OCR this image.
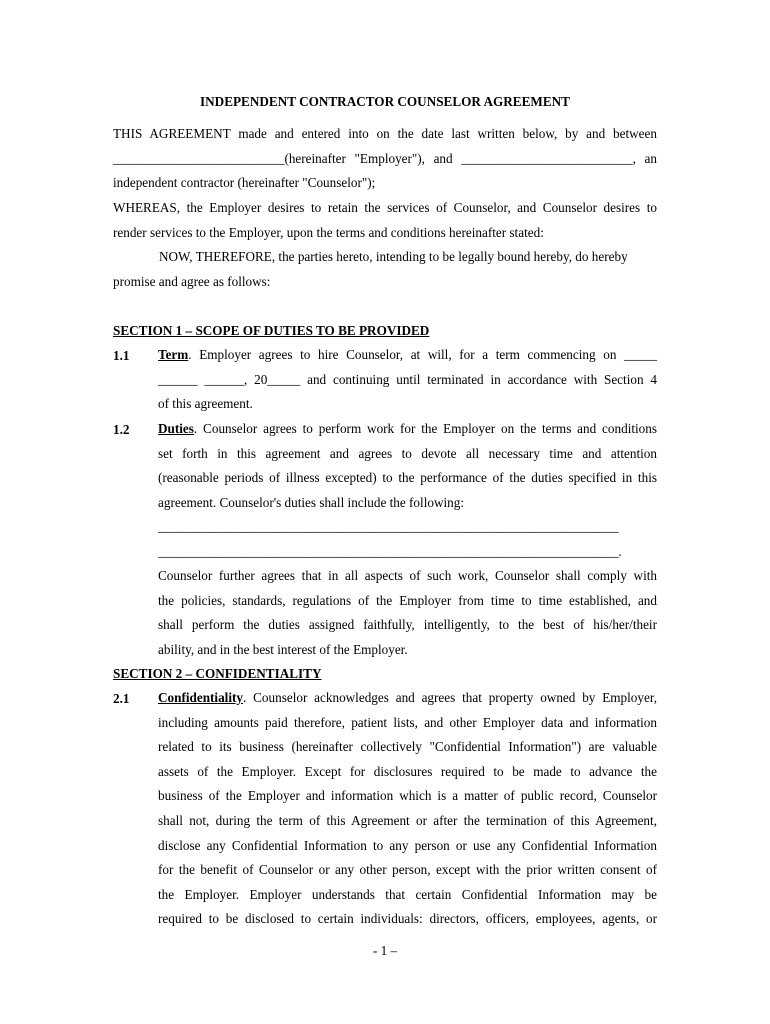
INDEPENDENT CONTRACTOR COUNSELOR AGREEMENT

THIS AGREEMENT made and entered into on the date last written below, by and between
__________________________(hereinafter "Employer"), and __________________________, an
independent contractor (hereinafter "Counselor");

WHEREAS, the Employer desires to retain the services of Counselor, and Counselor desires to
render services to the Employer, upon the terms and conditions hereinafter stated:

NOW, THEREFORE, the parties hereto, intending to be legally bound hereby, do hereby
promise and agree as follows:

SECTION 1 – SCOPE OF DUTIES TO BE PROVIDED
1.1 Term. Employer agrees to hire Counselor, at will, for a term commencing on _____
______ ______, 20_____ and continuing until terminated in accordance with Section 4
of this agreement.

1.2 Duties. Counselor agrees to perform work for the Employer on the terms and conditions
set forth in this agreement and agrees to devote all necessary time and attention
(reasonable periods of illness excepted) to the performance of the duties specified in this
agreement. Counselor's duties shall include the following:
________________________________________________________________________
________________________________________________________________________.

Counselor further agrees that in all aspects of such work, Counselor shall comply with
the policies, standards, regulations of the Employer from time to time established, and
shall perform the duties assigned faithfully, intelligently, to the best of his/her/their
ability, and in the best interest of the Employer.

SECTION 2 – CONFIDENTIALITY
2.1 Confidentiality. Counselor acknowledges and agrees that property owned by Employer,
including amounts paid therefore, patient lists, and other Employer data and information
related to its business (hereinafter collectively "Confidential Information") are valuable
assets of the Employer. Except for disclosures required to be made to advance the
business of the Employer and information which is a matter of public record, Counselor
shall not, during the term of this Agreement or after the termination of this Agreement,
disclose any Confidential Information to any person or use any Confidential Information
for the benefit of Counselor or any other person, except with the prior written consent of
the Employer. Employer understands that certain Confidential Information may be
required to be disclosed to certain individuals: directors, officers, employees, agents, or

- 1 –
